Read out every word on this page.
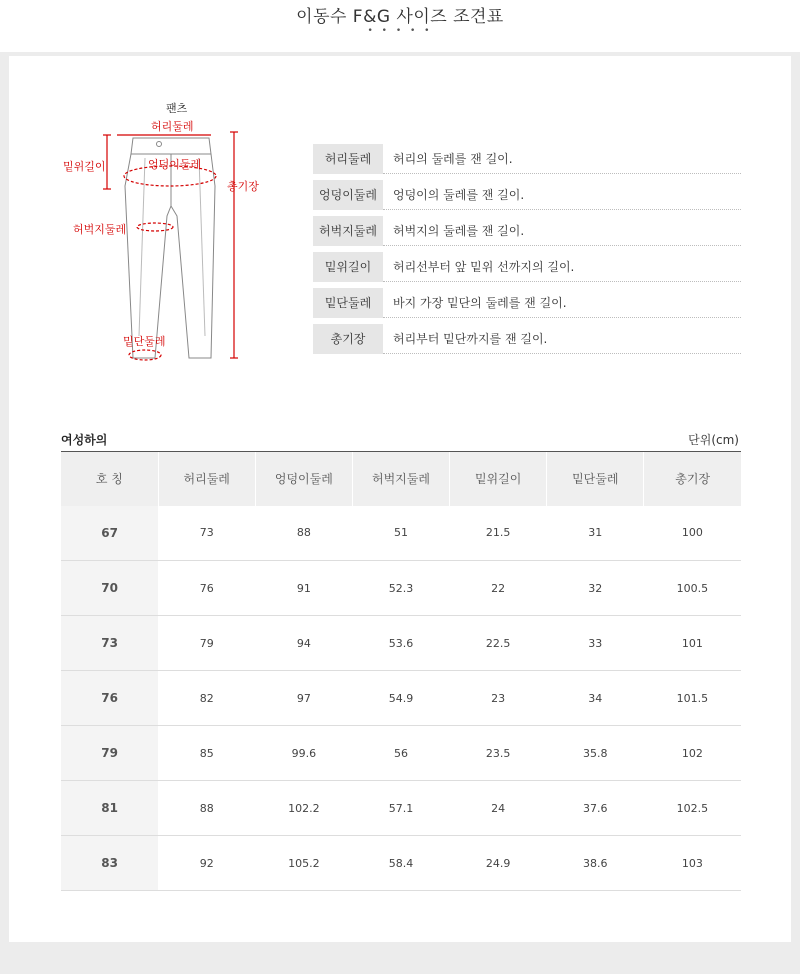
이동수 F&G 사이즈 조견표
• • • • •
팬츠
허리둘레
밑위길이	엉덩이둘레
총기장
허벅지둘레
밑단둘레
허리둘레	허리의 둘레를 잰 길이.
엉덩이둘레	엉덩이의 둘레를 잰 길이.
허벅지둘레	허벅지의 둘레를 잰 길이.
밑위길이	허리선부터 앞 밑위 선까지의 길이.
밑단둘레	바지 가장 밑단의 둘레를 잰 길이.
총기장	허리부터 밑단까지를 잰 길이.
여성하의	단위(cm)
호 칭	허리둘레	엉덩이둘레	허벅지둘레	밑위길이	밑단둘레	총기장
67	73	88	51	21.5	31	100
70	76	91	52.3	22	32	100.5
73	79	94	53.6	22.5	33	101
76	82	97	54.9	23	34	101.5
79	85	99.6	56	23.5	35.8	102
81	88	102.2	57.1	24	37.6	102.5
83	92	105.2	58.4	24.9	38.6	103
